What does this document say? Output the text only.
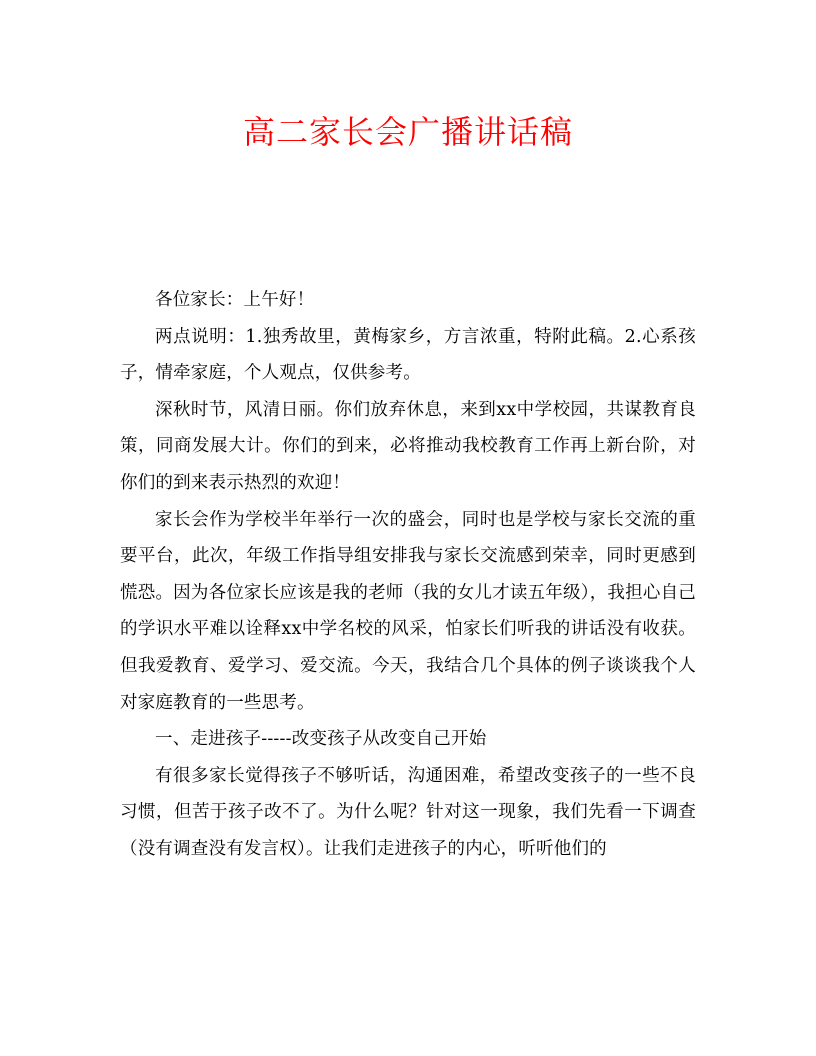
高二家长会广播讲话稿

各位家长：上午好！

两点说明：1.独秀故里，黄梅家乡，方言浓重，特附此稿。2.心系孩子，情牵家庭，个人观点，仅供参考。

深秋时节，风清日丽。你们放弃休息，来到xx中学校园，共谋教育良策，同商发展大计。你们的到来，必将推动我校教育工作再上新台阶，对你们的到来表示热烈的欢迎！

家长会作为学校半年举行一次的盛会，同时也是学校与家长交流的重要平台，此次，年级工作指导组安排我与家长交流感到荣幸，同时更感到慌恐。因为各位家长应该是我的老师（我的女儿才读五年级），我担心自己的学识水平难以诠释xx中学名校的风采，怕家长们听我的讲话没有收获。但我爱教育、爱学习、爱交流。今天，我结合几个具体的例子谈谈我个人对家庭教育的一些思考。

一、走进孩子-----改变孩子从改变自己开始

有很多家长觉得孩子不够听话，沟通困难，希望改变孩子的一些不良习惯，但苦于孩子改不了。为什么呢？针对这一现象，我们先看一下调查（没有调查没有发言权）。让我们走进孩子的内心，听听他们的
